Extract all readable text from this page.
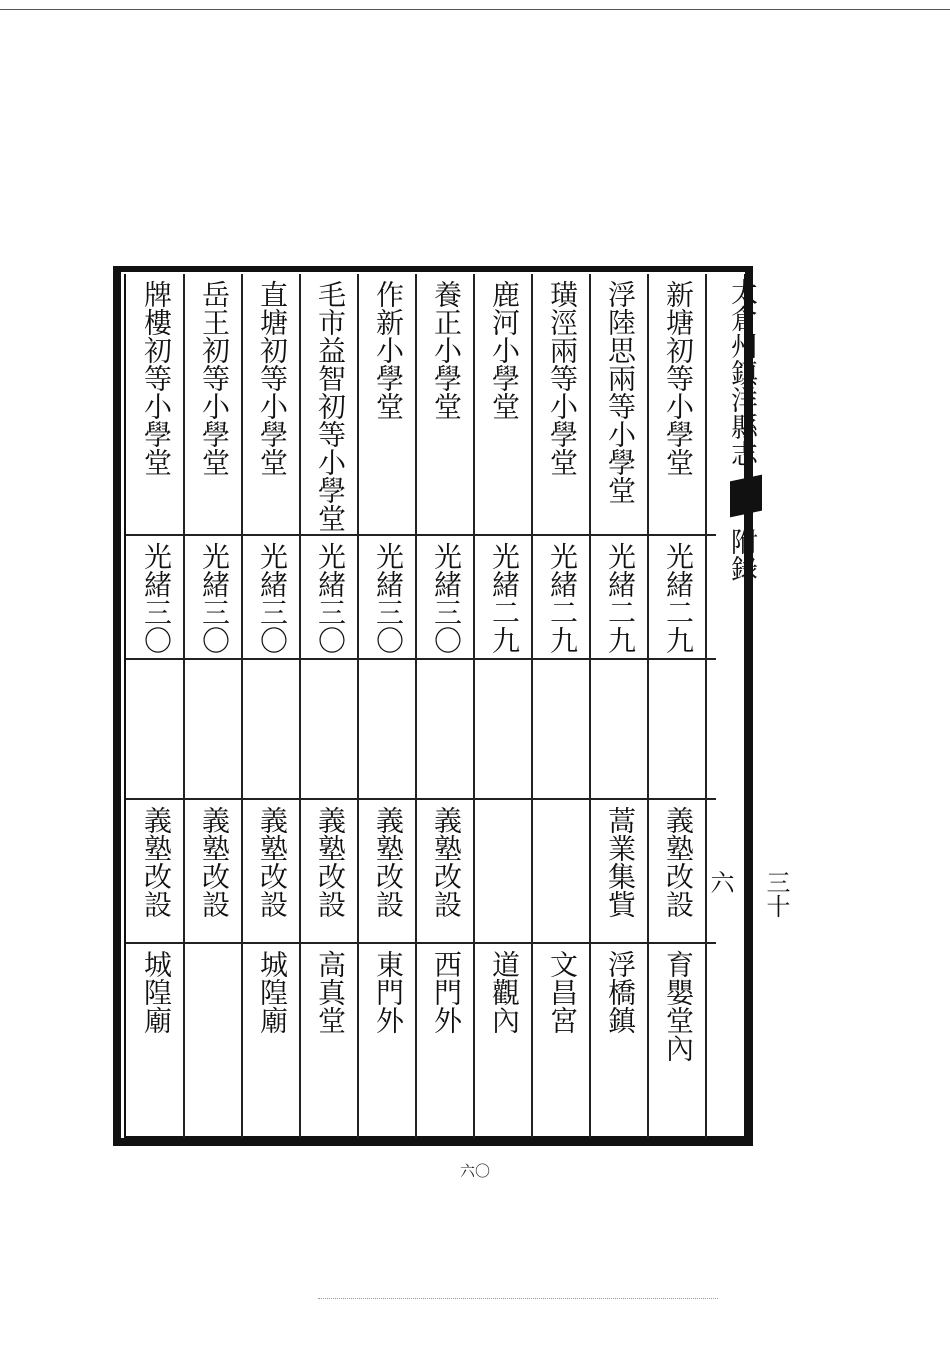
新塘初等小學堂
光緒二九
義塾改設
育嬰堂內
浮陸思兩等小學堂
光緒二九
蒿業集貲
浮橋鎮
璜涇兩等小學堂
光緒二九
文昌宮
鹿河小學堂
光緒二九
道觀內
養正小學堂
光緒三〇
義塾改設
西門外
作新小學堂
光緒三〇
義塾改設
東門外
毛市益智初等小學堂
光緒三〇
義塾改設
高真堂
直塘初等小學堂
光緒三〇
義塾改設
城隍廟
岳王初等小學堂
光緒三〇
義塾改設
牌樓初等小學堂
光緒三〇
義塾改設
城隍廟
太倉州鎮洋縣志
附錄
三十六
六〇
